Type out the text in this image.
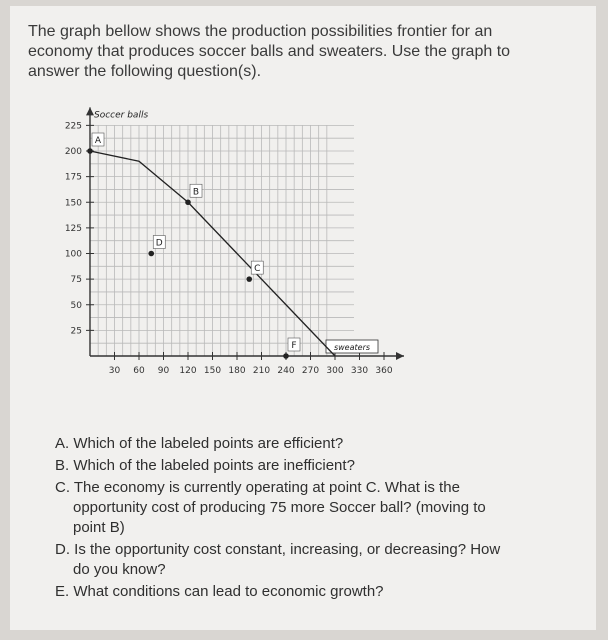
The graph bellow shows the production possibilities frontier for an
economy that produces soccer balls and sweaters. Use the graph to
answer the following question(s).
30 60 90 120 150 180 210 240 270 300 330 360
25
50
75
100
125
150
175
200
225
Soccer balls
sweaters
A
B
C
D
F
A. Which of the labeled points are efficient?
B. Which of the labeled points are inefficient?
C. The economy is currently operating at point C. What is the
opportunity cost of producing 75 more Soccer ball? (moving to
point B)
D. Is the opportunity cost constant, increasing, or decreasing? How
do you know?
E. What conditions can lead to economic growth?
